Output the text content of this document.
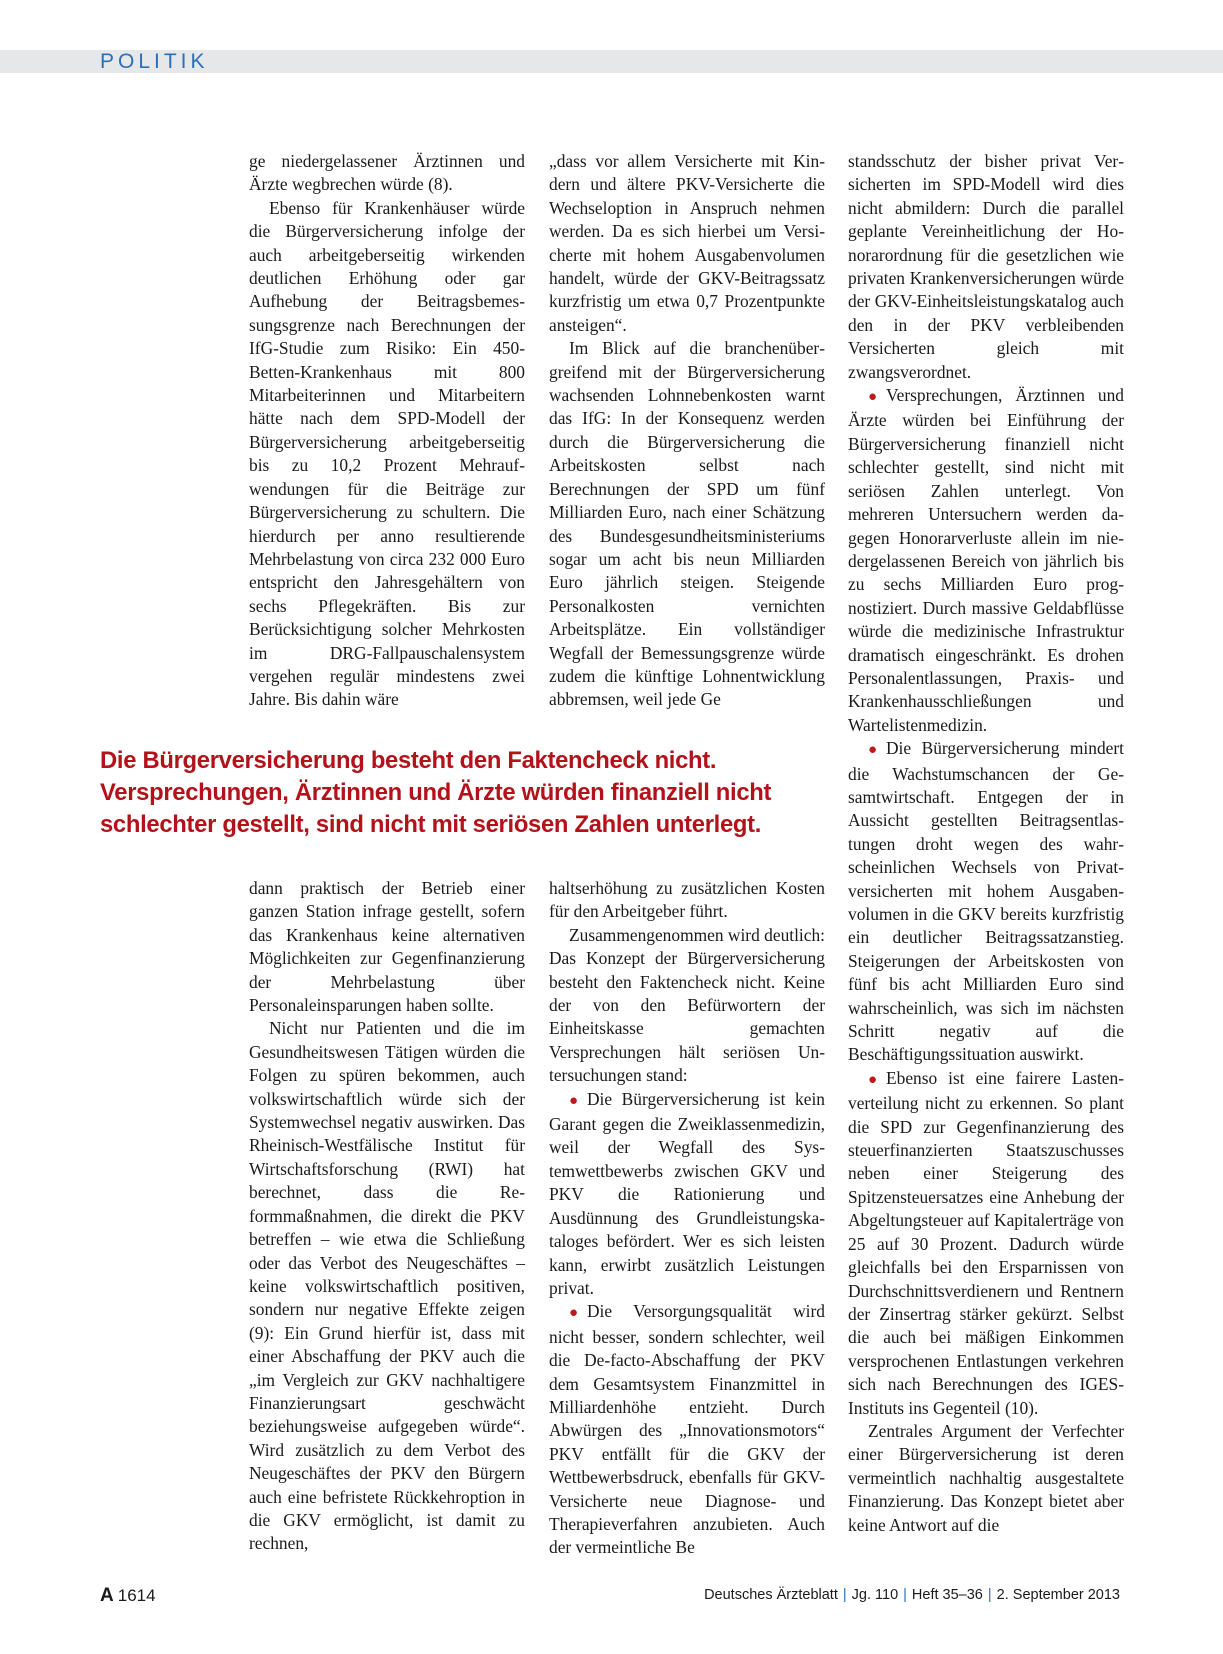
POLITIK

ge niedergelassener Ärztinnen und Ärzte wegbrechen würde (8).

Ebenso für Krankenhäuser würde die Bürgerversicherung infolge der auch arbeitgeberseitig wirkenden deutlichen Erhöhung oder gar Aufhebung der Beitragsbemessungsgrenze nach Berechnungen der IfG-Studie zum Risiko: Ein 450-Betten-Krankenhaus mit 800 Mitarbeiterinnen und Mitarbeitern hätte nach dem SPD-Modell der Bürgerversicherung arbeitgeberseitig bis zu 10,2 Prozent Mehraufwendungen für die Beiträge zur Bürgerversicherung zu schultern. Die hierdurch per anno resultierende Mehrbelastung von circa 232 000 Euro entspricht den Jahresgehältern von sechs Pflegekräften. Bis zur Berücksichtigung solcher Mehrkosten im DRG-Fallpauschalensystem vergehen regulär mindestens zwei Jahre. Bis dahin wäre

„dass vor allem Versicherte mit Kindern und ältere PKV-Versicherte die Wechseloption in Anspruch nehmen werden. Da es sich hierbei um Versicherte mit hohem Ausgabenvolumen handelt, würde der GKV-Beitragssatz kurzfristig um etwa 0,7 Prozentpunkte ansteigen“.

Im Blick auf die branchenübergreifend mit der Bürgerversicherung wachsenden Lohnnebenkosten warnt das IfG: In der Konsequenz werden durch die Bürgerversicherung die Arbeitskosten selbst nach Berechnungen der SPD um fünf Milliarden Euro, nach einer Schätzung des Bundesgesundheitsministeriums sogar um acht bis neun Milliarden Euro jährlich steigen. Steigende Personalkosten vernichten Arbeitsplätze. Ein vollständiger Wegfall der Bemessungsgrenze würde zudem die künftige Lohnentwicklung abbremsen, weil jede Ge

Die Bürgerversicherung besteht den Faktencheck nicht.
Versprechungen, Ärztinnen und Ärzte würden finanziell nicht
schlechter gestellt, sind nicht mit seriösen Zahlen unterlegt.

dann praktisch der Betrieb einer ganzen Station infrage gestellt, sofern das Krankenhaus keine alternativen Möglichkeiten zur Gegenfinanzierung der Mehrbelastung über Personaleinsparungen haben sollte.

Nicht nur Patienten und die im Gesundheitswesen Tätigen würden die Folgen zu spüren bekommen, auch volkswirtschaftlich würde sich der Systemwechsel negativ auswirken. Das Rheinisch-Westfälische Institut für Wirtschaftsforschung (RWI) hat berechnet, dass die Reformmaßnahmen, die direkt die PKV betreffen – wie etwa die Schließung oder das Verbot des Neugeschäftes – keine volkswirtschaftlich positiven, sondern nur negative Effekte zeigen (9): Ein Grund hierfür ist, dass mit einer Abschaffung der PKV auch die „im Vergleich zur GKV nachhaltigere Finanzierungsart geschwächt beziehungsweise aufgegeben würde“. Wird zusätzlich zu dem Verbot des Neugeschäftes der PKV den Bürgern auch eine befristete Rückkehroption in die GKV ermöglicht, ist damit zu rechnen,

haltserhöhung zu zusätzlichen Kosten für den Arbeitgeber führt.

Zusammengenommen wird deutlich: Das Konzept der Bürgerversicherung besteht den Faktencheck nicht. Keine der von den Befürwortern der Einheitskasse gemachten Versprechungen hält seriösen Untersuchungen stand:

● Die Bürgerversicherung ist kein Garant gegen die Zweiklassenmedizin, weil der Wegfall des Systemwettbewerbs zwischen GKV und PKV die Rationierung und Ausdünnung des Grundleistungskataloges befördert. Wer es sich leisten kann, erwirbt zusätzlich Leistungen privat.

● Die Versorgungsqualität wird nicht besser, sondern schlechter, weil die De-facto-Abschaffung der PKV dem Gesamtsystem Finanzmittel in Milliardenhöhe entzieht. Durch Abwürgen des „Innovationsmotors“ PKV entfällt für die GKV der Wettbewerbsdruck, ebenfalls für GKV-Versicherte neue Diagnose- und Therapieverfahren anzubieten. Auch der vermeintliche Be

standsschutz der bisher privat Versicherten im SPD-Modell wird dies nicht abmildern: Durch die parallel geplante Vereinheitlichung der Honorarordnung für die gesetzlichen wie privaten Krankenversicherungen würde der GKV-Einheitsleistungskatalog auch den in der PKV verbleibenden Versicherten gleich mit zwangsverordnet.

● Versprechungen, Ärztinnen und Ärzte würden bei Einführung der Bürgerversicherung finanziell nicht schlechter gestellt, sind nicht mit seriösen Zahlen unterlegt. Von mehreren Untersuchern werden dagegen Honorarverluste allein im niedergelassenen Bereich von jährlich bis zu sechs Milliarden Euro prognostiziert. Durch massive Geldabflüsse würde die medizinische Infrastruktur dramatisch eingeschränkt. Es drohen Personalentlassungen, Praxis- und Krankenhausschließungen und Wartelistenmedizin.

● Die Bürgerversicherung mindert die Wachstumschancen der Gesamtwirtschaft. Entgegen der in Aussicht gestellten Beitragsentlastungen droht wegen des wahrscheinlichen Wechsels von Privatversicherten mit hohem Ausgabenvolumen in die GKV bereits kurzfristig ein deutlicher Beitragssatzanstieg. Steigerungen der Arbeitskosten von fünf bis acht Milliarden Euro sind wahrscheinlich, was sich im nächsten Schritt negativ auf die Beschäftigungssituation auswirkt.

● Ebenso ist eine fairere Lastenverteilung nicht zu erkennen. So plant die SPD zur Gegenfinanzierung des steuerfinanzierten Staatszuschusses neben einer Steigerung des Spitzensteuersatzes eine Anhebung der Abgeltungsteuer auf Kapitalerträge von 25 auf 30 Prozent. Dadurch würde gleichfalls bei den Ersparnissen von Durchschnittsverdienern und Rentnern der Zinsertrag stärker gekürzt. Selbst die auch bei mäßigen Einkommen versprochenen Entlastungen verkehren sich nach Berechnungen des IGES-Instituts ins Gegenteil (10).

Zentrales Argument der Verfechter einer Bürgerversicherung ist deren vermeintlich nachhaltig ausgestaltete Finanzierung. Das Konzept bietet aber keine Antwort auf die

A 1614	Deutsches Ärzteblatt | Jg. 110 | Heft 35–36 | 2. September 2013
